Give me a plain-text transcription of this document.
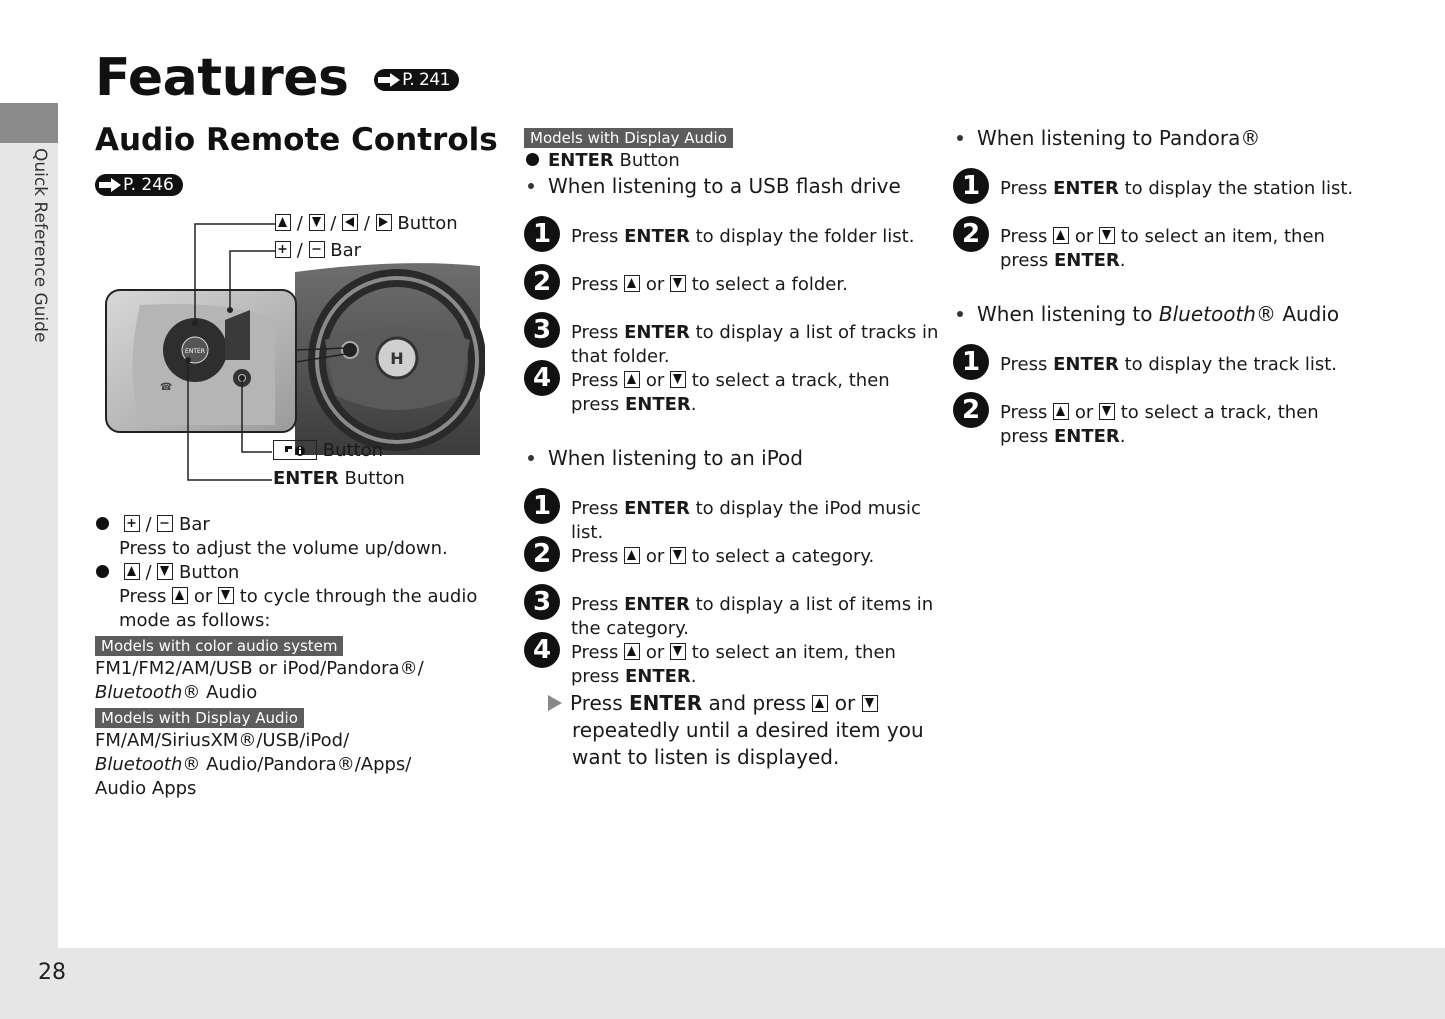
Quick Reference Guide
28
Features	P. 241
Audio Remote Controls
P. 246
H
ENTER
☎
/ / / Button
/ Bar
Button
ENTER Button

/ Bar
Press to adjust the volume up/down.

/ Button
Press or to cycle through the audio
mode as follows:
Models with color audio system
FM1/FM2/AM/USB or iPod/Pandora®/
Bluetooth® Audio
Models with Display Audio
FM/AM/SiriusXM®/USB/iPod/
Bluetooth® Audio/Pandora®/Apps/
Audio Apps
Models with Display Audio
ENTER Button
When listening to a USB flash drive
1	Press ENTER to display the folder list.
2	Press or to select a folder.
3	Press ENTER to display a list of tracks in
that folder.
4	Press or to select a track, then
press ENTER.
When listening to an iPod
1	Press ENTER to display the iPod music
list.
2	Press or to select a category.
3	Press ENTER to display a list of items in
the category.
4	Press or to select an item, then
press ENTER.
Press ENTER and press or

repeatedly until a desired item you
want to listen is displayed.
When listening to Pandora®
1	Press ENTER to display the station list.
2	Press or to select an item, then
press ENTER.
When listening to Bluetooth® Audio
1	Press ENTER to display the track list.
2	Press or to select a track, then
press ENTER.
